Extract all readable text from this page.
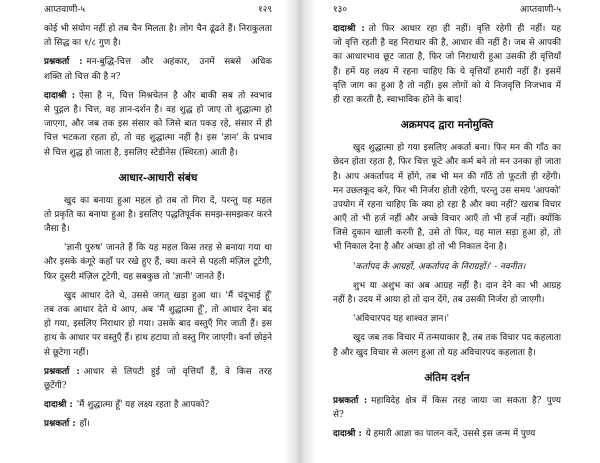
आप्तवाणी-५	१२९
कोई भी संयोग नहीं हो तब चैन मिलता है। लोग चैन ढूंढते हैं। निराकुलता
तो सिद्ध का १/८ गुण है।
प्रश्नकर्ता : मन-बुद्धि-चित्त और अहंकार, उनमें सबसे अधिक
शक्ति तो चित्त की है न?
दादाश्री : ऐसा है न, चित्त मिश्रचेतन है और बाकी सब तो स्वभाव
से पुद्गल है। चित्त, वह ज्ञान-दर्शन है। वह शुद्ध हो जाए तो शुद्धात्मा हो
जाएगा, और जब तक इस संसार को जिसे बात पकड़ रहे, संसार में ही
चित्त भटकता रहता हो, तो वह शुद्धात्मा नहीं है। इस 'ज्ञान' के प्रभाव
से चित्त शुद्ध हो जाता है, इसलिए स्टेडीनेस (स्थिरता) आती है।
आधार-आधारी संबंध
खुद का बनाया हुआ महल हो तब तो गिरा दें, परन्तु यह महल
तो प्रकृति का बनाया हुआ है। इसलिए पद्धतिपूर्वक समझ-समझकर करने
जैसा है।
'ज्ञानी पुरुष' जानते हैं कि यह महल किस तरह से बनाया गया था
और इसके कंगूरे कहाँ पर रखे हुए हैं, क्या करने से पहली मंज़िल टूटेगी,
फिर दूसरी मंज़िल टूटेगी, यह सबकुछ तो 'ज्ञानी' जानते हैं।
खुद आधार देते थे, उससे जगत् खड़ा हुआ था। 'मैं चंदूभाई हूँ'
तब तक आधार देते थे आप, अब 'मैं शुद्धात्मा हूँ', तो आधार देना बंद
हो गया, इसलिए निराधार हो गया। उसके बाद वस्तुएँ गिर जाती हैं। इस
हाथ के आधार पर वस्तुएँ हैं। हाथ हटाया तो वस्तु गिर जाएगी। वर्ना छोड़ने
से छूटेगा नहीं।
प्रश्नकर्ता : आधार से लिपटी हुई जो वृत्तियाँ हैं, वे किस तरह
छूटेंगी?
दादाश्री : 'मैं शुद्धात्मा हूँ' यह लक्ष्य रहता है आपको?
प्रश्नकर्ता : हाँ।
१३०	आप्तवाणी-५
दादाश्री : तो फिर आधार रहा ही नहीं। वृत्ति रहेगी ही नहीं। यह
जो वृत्ति रहती है वह निराधार की है, आधार की नहीं है। जब से आपकी
का आधारभाव छूट जाता है, फिर जो निराधारी हुआ उसकी ही वृत्तियाँ
हैं। हमें यह लक्ष्य में रहना चाहिए कि ये वृत्तियाँ हमारी नहीं हैं। इसमें
वृत्ति जाग का हुआ है तो नहीं। इस लोगों को ये निजवृत्ति निजभाव में
ही रहा करती है, स्वाभाविक होने के बाद!
अक्रमपद द्वारा मनोमुक्ति
खुद शुद्धात्मा हो गया इसलिए अकर्ता बना। फिर मन की गाँठ का
छेदन होता रहता है, फिर चित्त फूटे और कर्म बने तो मन उनका हो जाता
है। आप अकर्तापद में होंगे, तब भी मन की गाँठें तो फूटती ही रहेंगी।
मन उछलकूद करे, फिर भी निर्जरा होती रहेगी, परन्तु उस समय 'आपको'
उपयोग में रहना चाहिए कि क्या हो रहा है और क्या नहीं? खराब विचार
आएँ तो भी हर्ज नहीं और अच्छे विचार आएँ तो भी हर्ज नहीं। क्योंकि
जिसे दुकान खाली करनी है, उसे तो फिर, यह माल सड़ा हुआ हो, तो
भी निकाल देना है और अच्छा हो तो भी निकाल देना है।
'कर्तापद के आग्रहों, अकर्तापद के निराग्रहों।' - नवनीत।
शुभ या अशुभ का अब आग्रह नहीं है। दान देने का भी आग्रह
नहीं है। उदय में आया हो तो दान देंगे, तब उसकी निर्जरा हो जाएगी।
'अविचारपद यह शाश्वत ज्ञान।'
खुद जब तक विचार में तन्मयाकार है, तब तक विचार पद कहलाता
है और खुद विचार से अलग हुआ तो यह अविचारपद कहलाता है।
अंतिम दर्शन
प्रश्नकर्ता : महाविदेह क्षेत्र में किस तरह जाया जा सकता है? पुण्य
से?
दादाश्री : ये हमारी आज्ञा का पालन करें, उससे इस जन्म में पुण्य
